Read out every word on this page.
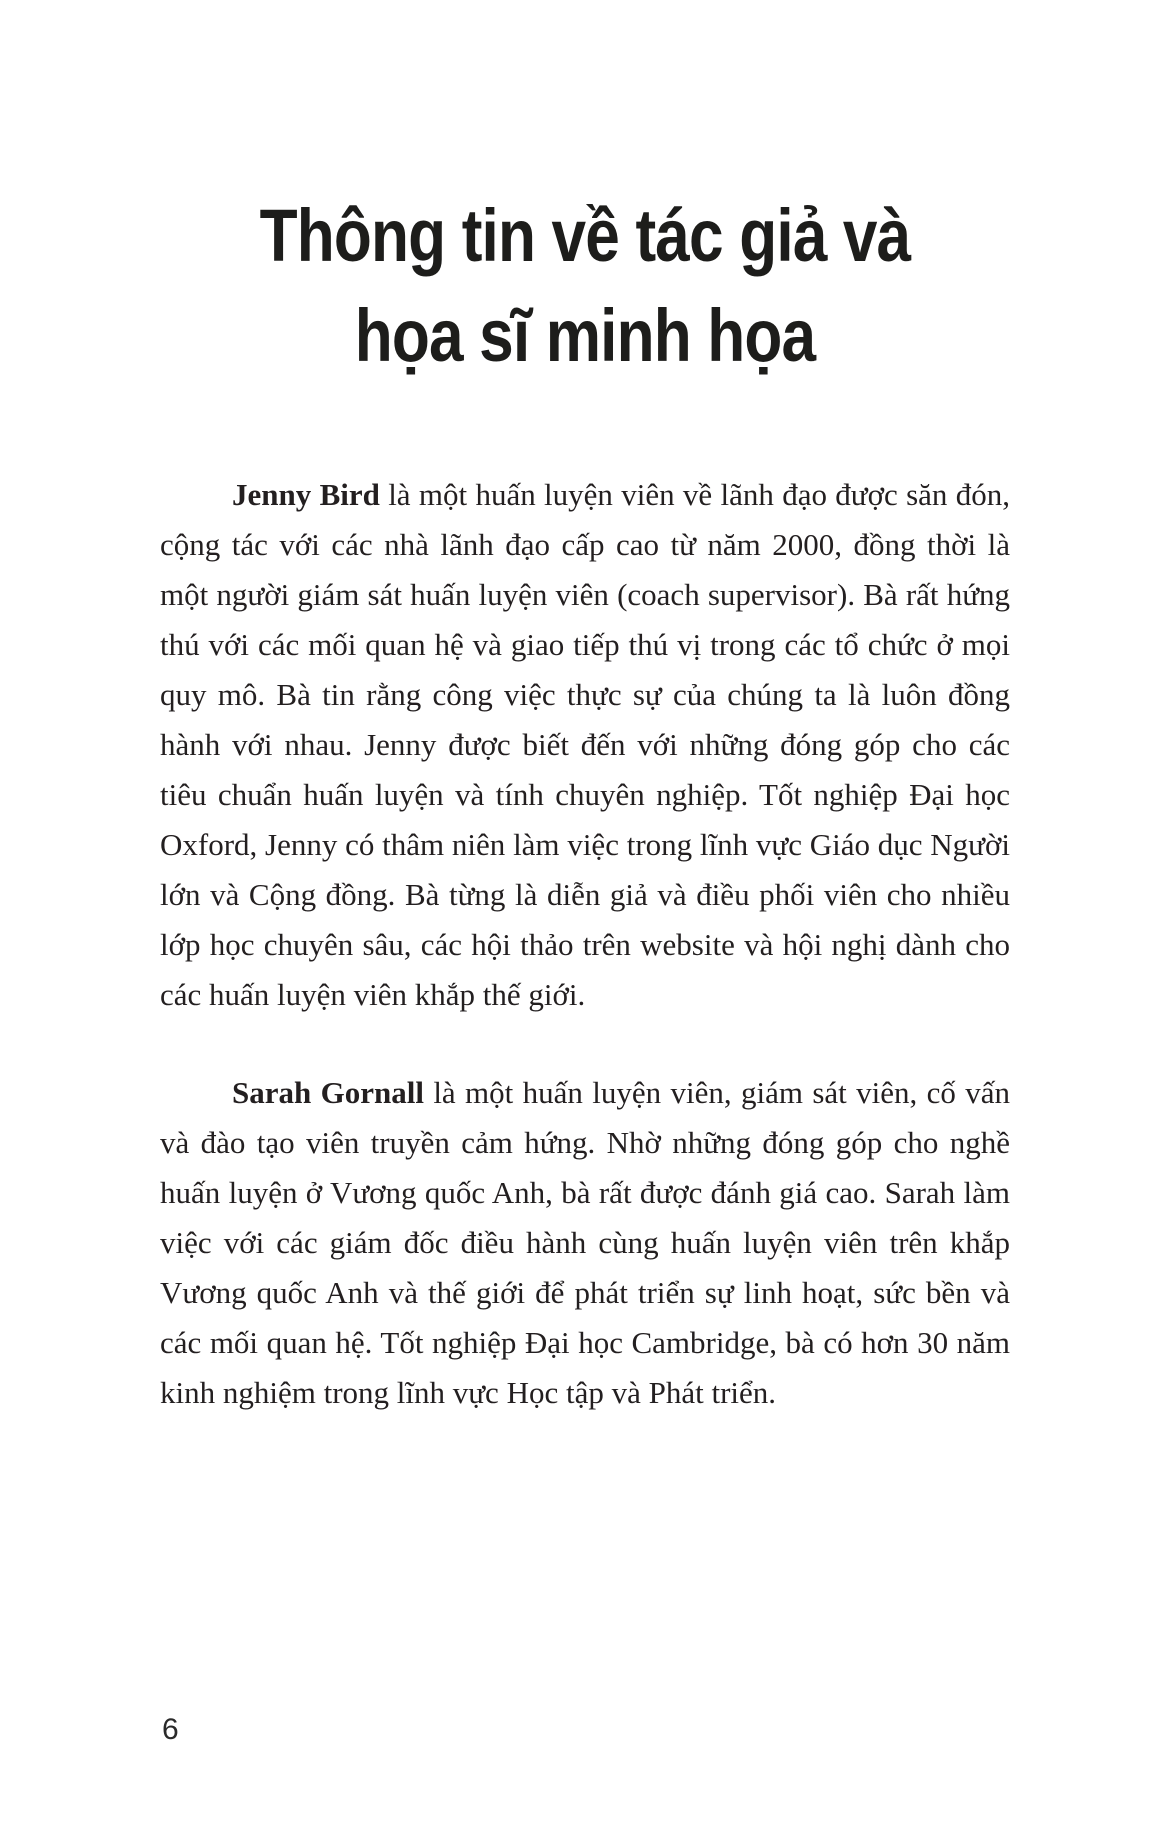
Thông tin về tác giả và
họa sĩ minh họa

Jenny Bird là một huấn luyện viên về lãnh đạo được săn đón, cộng tác với các nhà lãnh đạo cấp cao từ năm 2000, đồng thời là một người giám sát huấn luyện viên (coach supervisor). Bà rất hứng thú với các mối quan hệ và giao tiếp thú vị trong các tổ chức ở mọi quy mô. Bà tin rằng công việc thực sự của chúng ta là luôn đồng hành với nhau. Jenny được biết đến với những đóng góp cho các tiêu chuẩn huấn luyện và tính chuyên nghiệp. Tốt nghiệp Đại học Oxford, Jenny có thâm niên làm việc trong lĩnh vực Giáo dục Người lớn và Cộng đồng. Bà từng là diễn giả và điều phối viên cho nhiều lớp học chuyên sâu, các hội thảo trên website và hội nghị dành cho các huấn luyện viên khắp thế giới.

Sarah Gornall là một huấn luyện viên, giám sát viên, cố vấn và đào tạo viên truyền cảm hứng. Nhờ những đóng góp cho nghề huấn luyện ở Vương quốc Anh, bà rất được đánh giá cao. Sarah làm việc với các giám đốc điều hành cùng huấn luyện viên trên khắp Vương quốc Anh và thế giới để phát triển sự linh hoạt, sức bền và các mối quan hệ. Tốt nghiệp Đại học Cambridge, bà có hơn 30 năm kinh nghiệm trong lĩnh vực Học tập và Phát triển.

6
